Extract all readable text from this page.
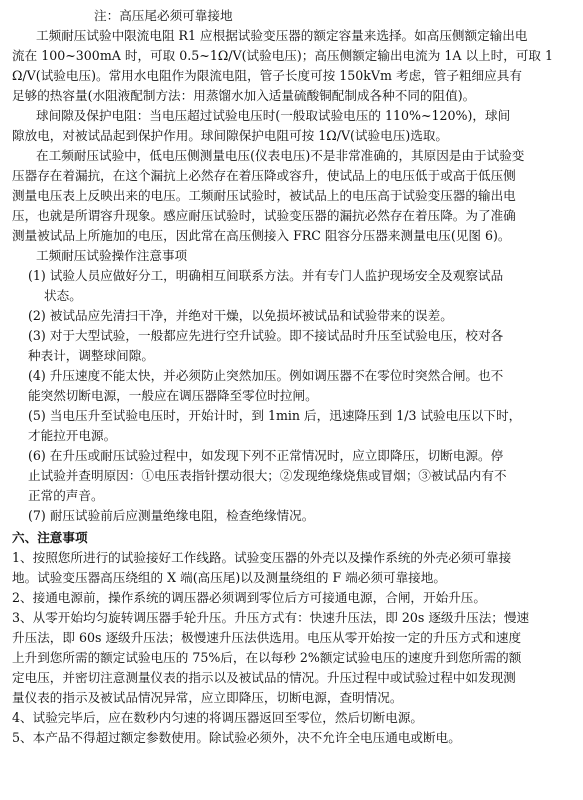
注：高压尾必须可靠接地

工频耐压试验中限流电阻 R1 应根据试验变压器的额定容量来选择。如高压侧额定输出电

流在 100~300mA 时，可取 0.5~1Ω/V(试验电压)；高压侧额定输出电流为 1A 以上时，可取 1

Ω/V(试验电压)。常用水电阻作为限流电阻，管子长度可按 150kVm 考虑，管子粗细应具有

足够的热容量(水阻液配制方法：用蒸馏水加入适量硫酸铜配制成各种不同的阻值)。

球间隙及保护电阻：当电压超过试验电压时(一般取试验电压的 110%~120%)，球间

隙放电，对被试品起到保护作用。球间隙保护电阻可按 1Ω/V(试验电压)选取。

在工频耐压试验中，低电压侧测量电压(仪表电压)不是非常准确的，其原因是由于试验变

压器存在着漏抗，在这个漏抗上必然存在着压降或容升，使试品上的电压低于或高于低压侧

测量电压表上反映出来的电压。工频耐压试验时，被试品上的电压高于试验变压器的输出电

压，也就是所谓容升现象。感应耐压试验时，试验变压器的漏抗必然存在着压降。为了准确

测量被试品上所施加的电压，因此常在高压侧接入 FRC 阻容分压器来测量电压(见图 6)。

工频耐压试验操作注意事项

(1) 试验人员应做好分工，明确相互间联系方法。并有专门人监护现场安全及观察试品

状态。

(2) 被试品应先清扫干净，并绝对干燥，以免损坏被试品和试验带来的误差。

(3) 对于大型试验，一般都应先进行空升试验。即不接试品时升压至试验电压，校对各

种表计，调整球间隙。

(4) 升压速度不能太快，并必须防止突然加压。例如调压器不在零位时突然合闸。也不

能突然切断电源，一般应在调压器降至零位时拉闸。

(5) 当电压升至试验电压时，开始计时，到 1min 后，迅速降压到 1/3 试验电压以下时，

才能拉开电源。

(6) 在升压或耐压试验过程中，如发现下列不正常情况时，应立即降压，切断电源。停

止试验并查明原因：①电压表指针摆动很大；②发现绝缘烧焦或冒烟；③被试品内有不

正常的声音。

(7) 耐压试验前后应测量绝缘电阻，检查绝缘情况。

六、注意事项

1、按照您所进行的试验接好工作线路。试验变压器的外壳以及操作系统的外壳必须可靠接

地。试验变压器高压绕组的 X 端(高压尾)以及测量绕组的 F 端必须可靠接地。

2、接通电源前，操作系统的调压器必须调到零位后方可接通电源，合闸，开始升压。

3、从零开始均匀旋转调压器手轮升压。升压方式有：快速升压法，即 20s 逐级升压法；慢速

升压法，即 60s 逐级升压法；极慢速升压法供选用。电压从零开始按一定的升压方式和速度

上升到您所需的额定试验电压的 75%后，在以每秒 2%额定试验电压的速度升到您所需的额

定电压，并密切注意测量仪表的指示以及被试品的情况。升压过程中或试验过程中如发现测

量仪表的指示及被试品情况异常，应立即降压，切断电源，查明情况。

4、试验完毕后，应在数秒内匀速的将调压器返回至零位，然后切断电源。

5、本产品不得超过额定参数使用。除试验必须外，决不允许全电压通电或断电。
